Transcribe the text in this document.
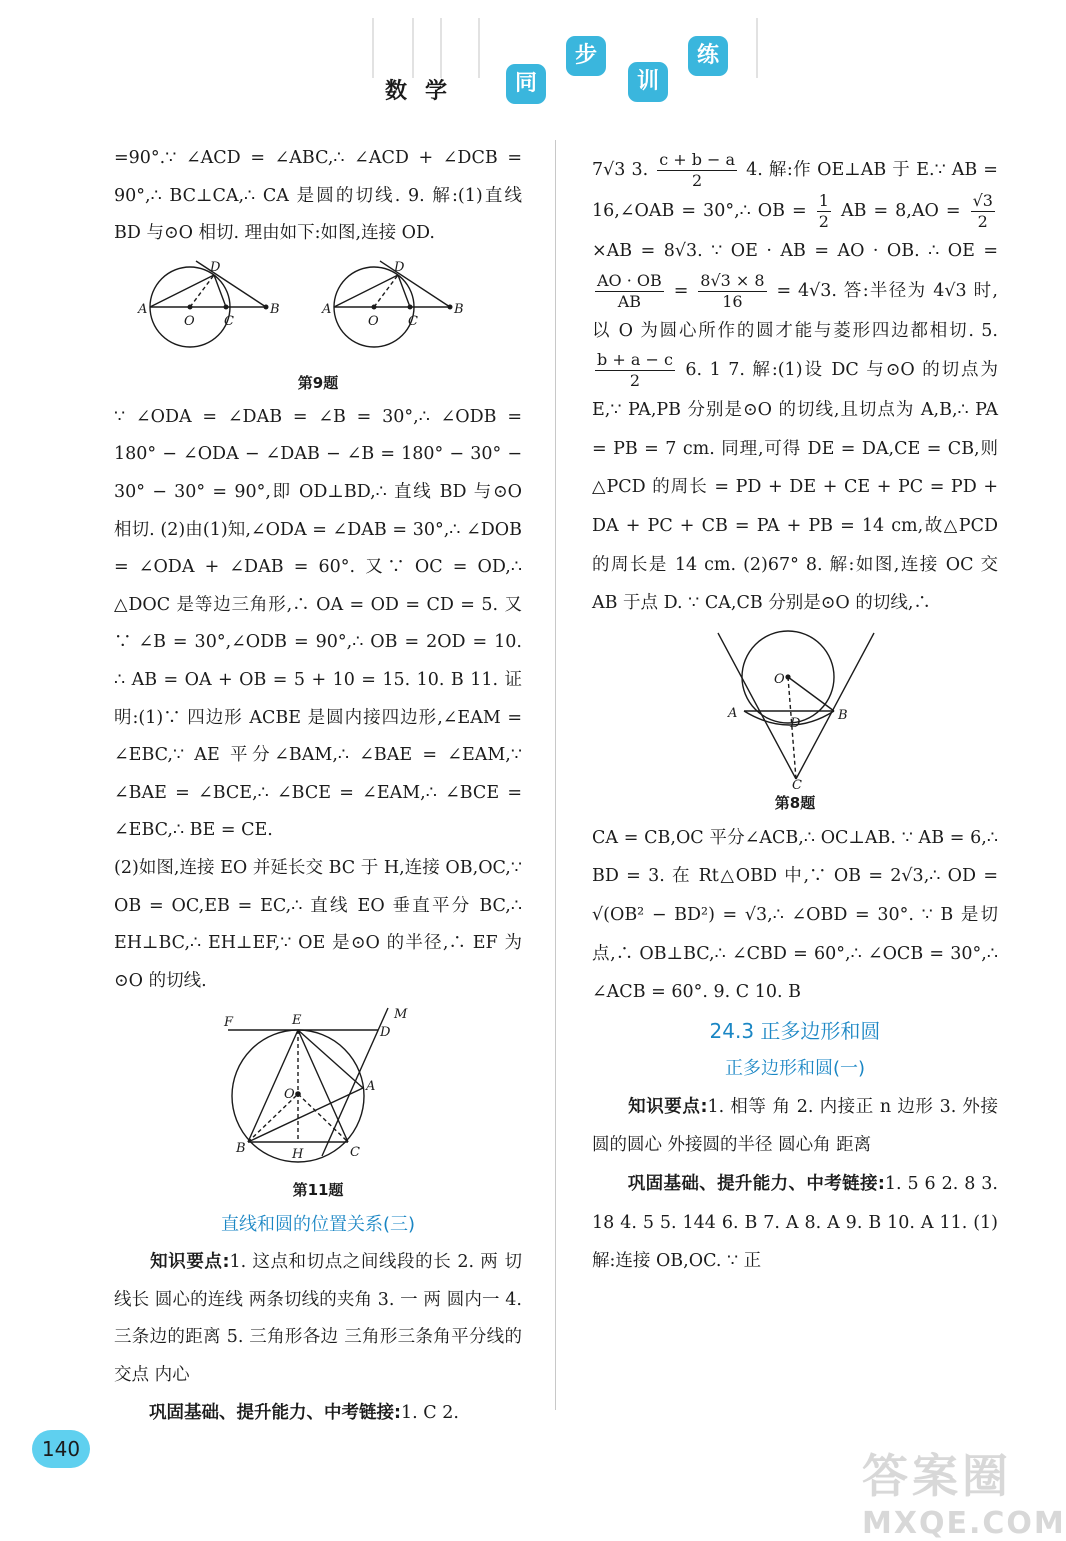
数学	同
步
训
练

=90°.∵ ∠ACD = ∠ABC,∴ ∠ACD + ∠DCB = 90°,∴ BC⊥CA,∴ CA 是圆的切线. 9. 解:(1)直线 BD 与⊙O 相切. 理由如下:如图,连接 OD.

A
O C
B
D
A
O C
B
D
第9题

∵ ∠ODA = ∠DAB = ∠B = 30°,∴ ∠ODB = 180° − ∠ODA − ∠DAB − ∠B = 180° − 30° − 30° − 30° = 90°,即 OD⊥BD,∴ 直线 BD 与⊙O 相切. (2)由(1)知,∠ODA = ∠DAB = 30°,∴ ∠DOB = ∠ODA + ∠DAB = 60°. 又∵ OC = OD,∴ △DOC 是等边三角形,∴ OA = OD = CD = 5. 又∵ ∠B = 30°,∠ODB = 90°,∴ OB = 2OD = 10. ∴ AB = OA + OB = 5 + 10 = 15. 10. B 11. 证明:(1)∵ 四边形 ACBE 是圆内接四边形,∠EAM = ∠EBC,∵ AE 平分∠BAM,∴ ∠BAE = ∠EAM,∵ ∠BAE = ∠BCE,∴ ∠BCE = ∠EAM,∴ ∠BCE = ∠EBC,∴ BE = CE.

(2)如图,连接 EO 并延长交 BC 于 H,连接 OB,OC,∵ OB = OC,EB = EC,∴ 直线 EO 垂直平分 BC,∴ EH⊥BC,∴ EH⊥EF,∵ OE 是⊙O 的半径,∴ EF 为⊙O 的切线.

F	E	M
D
O
A
B	H	C
第11题
直线和圆的位置关系(三)

　　知识要点:1. 这点和切点之间线段的长 2. 两 切线长 圆心的连线 两条切线的夹角 3. 一 两 圆内一 4. 三条边的距离 5. 三角形各边 三角形三条角平分线的交点 内心

　　巩固基础、提升能力、中考链接:1. C 2.

7√3 3. $\frac{c + b - a}{2} 4$. 解:作 OE⊥AB 于 E.∵ AB = 16,∠OAB = 30°,∴ OB = $\frac{1}{2}$ AB = $8,AO = \frac{√3}{2}$
×AB = 8√3. ∵ OE · AB = AO · OB. ∴ OE =
$\frac{AO \cdot OB}{AB} = \frac{8√3 \times 8}{16} = 4√3$. 答:半径为 4√3 时,以 O 为圆心所作的圆才能与菱形四边都相切. 5.
$\frac{b + a - c}{2} 6$. 1 7. 解:(1)设 DC 与⊙O 的切点为 E,∵ PA,PB 分别是⊙O 的切线,且切点为 A,B,∴ PA = PB = 7 cm. 同理,可得 DE = DA,CE = CB,则△PCD 的周长 = PD + DE + CE + PC = PD + DA + PC + CB = PA + PB = 14 cm,故△PCD 的周长是 14 cm. (2)67° 8. 解:如图,连接 OC 交 AB 于点 D. ∵ CA,CB 分别是⊙O 的切线,∴

O
A
D
B
C
第8题

CA = CB,OC 平分∠ACB,∴ OC⊥AB. ∵ AB = 6,∴ BD = 3. 在 Rt△OBD 中,∵ OB = 2√3,∴ OD = √(OB² − BD²) = √3,∴ ∠OBD = 30°. ∵ B 是切点,∴ OB⊥BC,∴ ∠CBD = 60°,∴ ∠OCB = 30°,∴ ∠ACB = 60°. 9. C 10. B

24.3 正多边形和圆
正多边形和圆(一)

　　知识要点:1. 相等 角 2. 内接正 n 边形 3. 外接圆的圆心 外接圆的半径 圆心角 距离

　　巩固基础、提升能力、中考链接:1. 5 6 2. 8 3. 18 4. 5 5. 144 6. B 7. A 8. A 9. B 10. A 11. (1)解:连接 OB,OC. ∵ 正

140	答案圈
MXQE.COM
